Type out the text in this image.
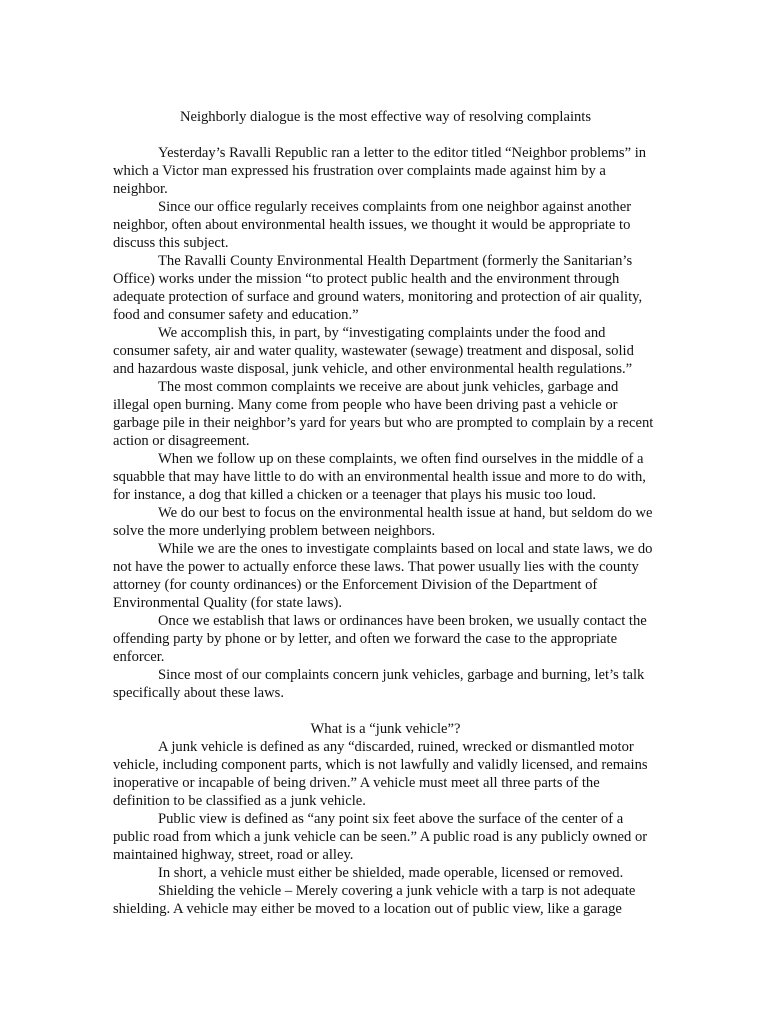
Neighborly dialogue is the most effective way of resolving complaints

Yesterday’s Ravalli Republic ran a letter to the editor titled “Neighbor problems” in which a Victor man expressed his frustration over complaints made against him by a neighbor.

Since our office regularly receives complaints from one neighbor against another neighbor, often about environmental health issues, we thought it would be appropriate to discuss this subject.

The Ravalli County Environmental Health Department (formerly the Sanitarian’s Office) works under the mission “to protect public health and the environment through adequate protection of surface and ground waters, monitoring and protection of air quality, food and consumer safety and education.”

We accomplish this, in part, by “investigating complaints under the food and consumer safety, air and water quality, wastewater (sewage) treatment and disposal, solid and hazardous waste disposal, junk vehicle, and other environmental health regulations.”

The most common complaints we receive are about junk vehicles, garbage and illegal open burning. Many come from people who have been driving past a vehicle or garbage pile in their neighbor’s yard for years but who are prompted to complain by a recent action or disagreement.

When we follow up on these complaints, we often find ourselves in the middle of a squabble that may have little to do with an environmental health issue and more to do with, for instance, a dog that killed a chicken or a teenager that plays his music too loud.

We do our best to focus on the environmental health issue at hand, but seldom do we solve the more underlying problem between neighbors.

While we are the ones to investigate complaints based on local and state laws, we do not have the power to actually enforce these laws. That power usually lies with the county attorney (for county ordinances) or the Enforcement Division of the Department of Environmental Quality (for state laws).

Once we establish that laws or ordinances have been broken, we usually contact the offending party by phone or by letter, and often we forward the case to the appropriate enforcer.

Since most of our complaints concern junk vehicles, garbage and burning, let’s talk specifically about these laws.

What is a “junk vehicle”?

A junk vehicle is defined as any “discarded, ruined, wrecked or dismantled motor vehicle, including component parts, which is not lawfully and validly licensed, and remains inoperative or incapable of being driven.” A vehicle must meet all three parts of the definition to be classified as a junk vehicle.

Public view is defined as “any point six feet above the surface of the center of a public road from which a junk vehicle can be seen.” A public road is any publicly owned or maintained highway, street, road or alley.

In short, a vehicle must either be shielded, made operable, licensed or removed.

Shielding the vehicle – Merely covering a junk vehicle with a tarp is not adequate shielding. A vehicle may either be moved to a location out of public view, like a garage
